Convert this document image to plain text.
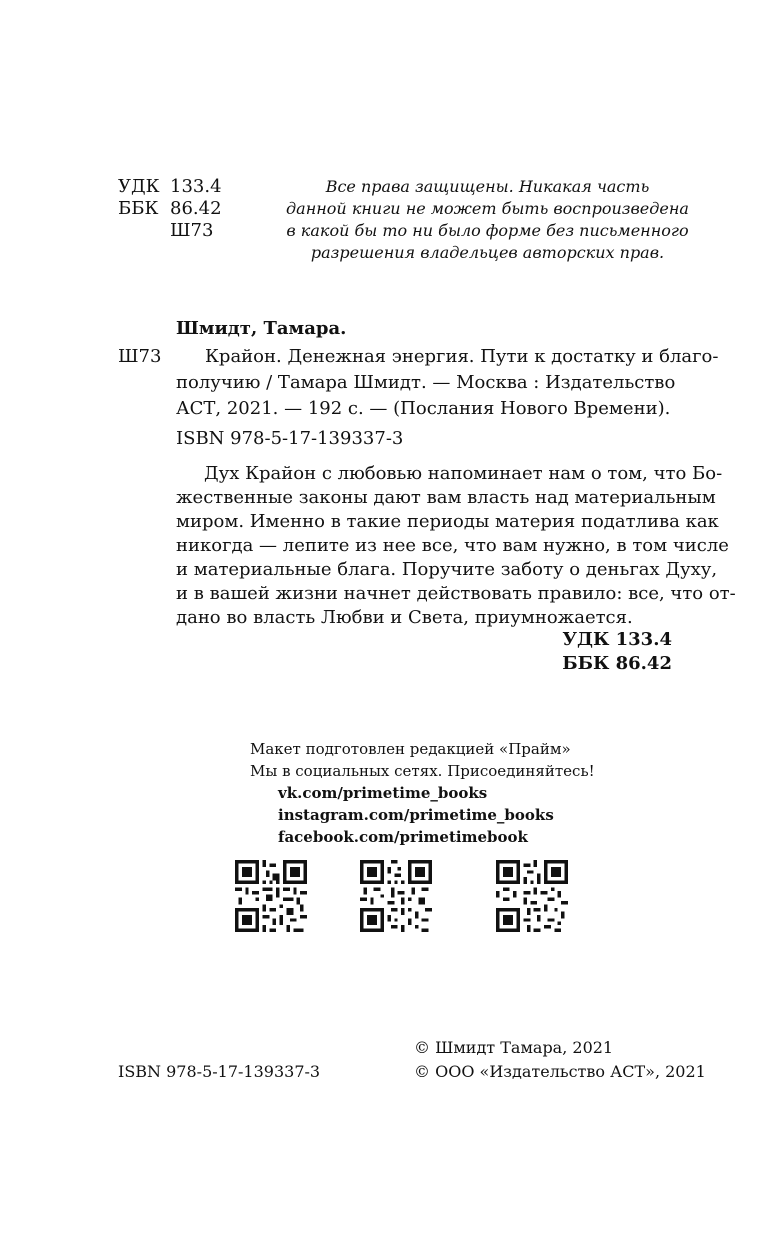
УДК 133.4
ББК 86.42
Ш73
Все права защищены. Никакая часть
данной книги не может быть воспроизведена
в какой бы то ни было форме без письменного
разрешения владельцев авторских прав.
Шмидт, Тамара.
Ш73 Крайон. Денежная энергия. Пути к достатку и благо-
получию / Тамара Шмидт. — Москва : Издательство
АСТ, 2021. — 192 с. — (Послания Нового Времени).
ISBN 978-5-17-139337-3
Дух Крайон с любовью напоминает нам о том, что Бо-
жественные законы дают вам власть над материальным
миром. Именно в такие периоды материя податлива как
никогда — лепите из нее все, что вам нужно, в том числе
и материальные блага. Поручите заботу о деньгах Духу,
и в вашей жизни начнет действовать правило: все, что от-
дано во власть Любви и Света, приумножается.
УДК 133.4
ББК 86.42
Макет подготовлен редакцией «Прайм»
Мы в социальных сетях. Присоединяйтесь!
vk.com/primetime_books
instagram.com/primetime_books
facebook.com/primetimebook
ISBN 978-5-17-139337-3
© Шмидт Тамара, 2021
© ООО «Издательство АСТ», 2021
